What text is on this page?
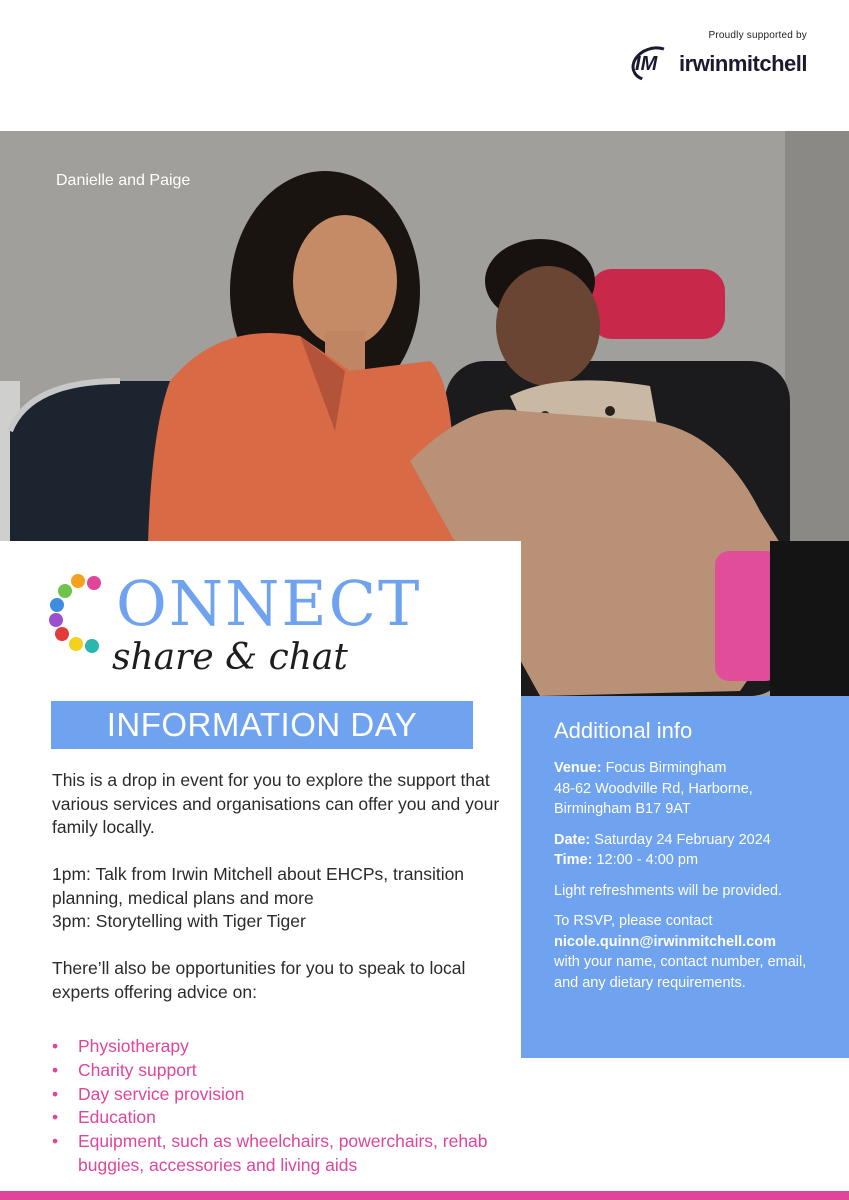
Proudly supported by
IM irwinmitchell
Danielle and Paige
ONNECT
share & chat
INFORMATION DAY

This is a drop in event for you to explore the support that various services and organisations can offer you and your family locally.

1pm: Talk from Irwin Mitchell about EHCPs, transition planning, medical plans and more
3pm: Storytelling with Tiger Tiger

There’ll also be opportunities for you to speak to local experts offering advice on:

• Physiotherapy
• Charity support
• Day service provision
• Education
• Equipment, such as wheelchairs, powerchairs, rehab buggies, accessories and living aids
Additional info
Venue: Focus Birmingham
48-62 Woodville Rd, Harborne,
Birmingham B17 9AT
Date: Saturday 24 February 2024
Time: 12:00 - 4:00 pm
Light refreshments will be provided.
To RSVP, please contact
nicole.quinn@irwinmitchell.com
with your name, contact number, email, and any dietary requirements.
